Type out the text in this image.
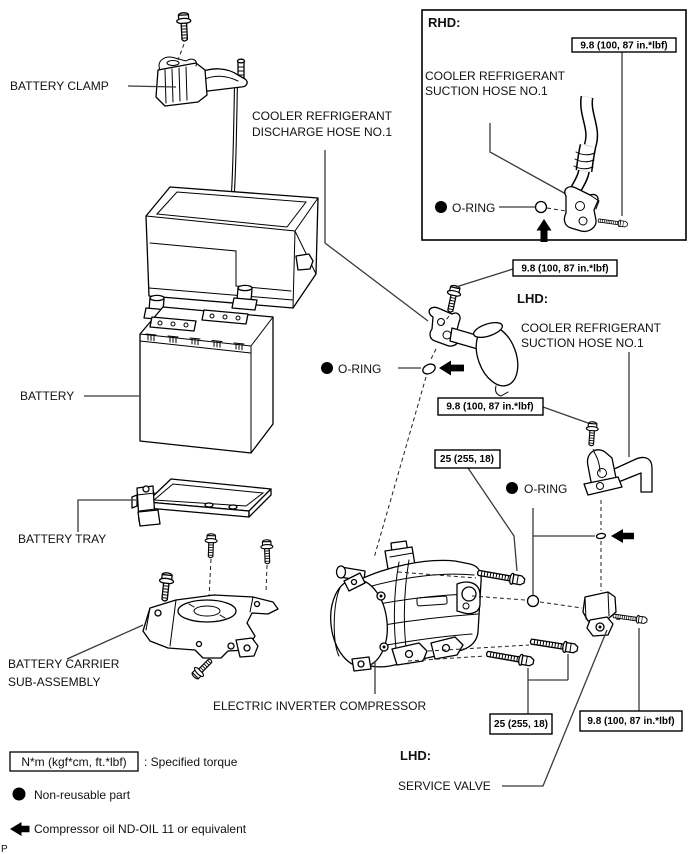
RHD:
COOLER REFRIGERANT
SUCTION HOSE NO.1
O-RING
9.8 (100, 87 in.*lbf)
9.8 (100, 87 in.*lbf)
9.8 (100, 87 in.*lbf)
25 (255, 18)
25 (255, 18)	9.8 (100, 87 in.*lbf)
BATTERY CLAMP
COOLER REFRIGERANT
DISCHARGE HOSE NO.1
LHD:
COOLER REFRIGERANT
SUCTION HOSE NO.1
O-RING
BATTERY
O-RING
BATTERY TRAY
BATTERY CARRIER
SUB-ASSEMBLY
ELECTRIC INVERTER COMPRESSOR
LHD:
SERVICE VALVE
N*m (kgf*cm, ft.*lbf) : Specified torque
Non-reusable part
Compressor oil ND-OIL 11 or equivalent
P
